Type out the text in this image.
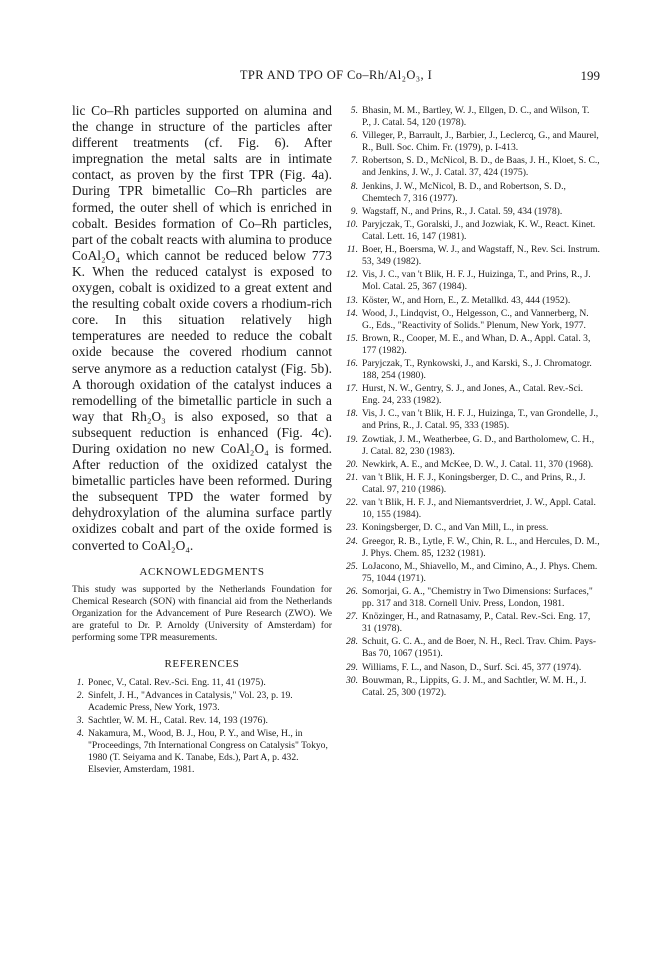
TPR AND TPO OF Co–Rh/Al₂O₃, I	199

lic Co–Rh particles supported on alumina and the change in structure of the particles after different treatments (cf. Fig. 6). After impregnation the metal salts are in intimate contact, as proven by the first TPR (Fig. 4a). During TPR bimetallic Co–Rh particles are formed, the outer shell of which is enriched in cobalt. Besides formation of Co–Rh particles, part of the cobalt reacts with alumina to produce CoAl₂O₄ which cannot be reduced below 773 K. When the reduced catalyst is exposed to oxygen, cobalt is oxidized to a great extent and the resulting cobalt oxide covers a rhodium-rich core. In this situation relatively high temperatures are needed to reduce the cobalt oxide because the covered rhodium cannot serve anymore as a reduction catalyst (Fig. 5b). A thorough oxidation of the catalyst induces a remodelling of the bimetallic particle in such a way that Rh₂O₃ is also exposed, so that a subsequent reduction is enhanced (Fig. 4c). During oxidation no new CoAl₂O₄ is formed. After reduction of the oxidized catalyst the bimetallic particles have been reformed. During the subsequent TPD the water formed by dehydroxylation of the alumina surface partly oxidizes cobalt and part of the oxide formed is converted to CoAl₂O₄.

ACKNOWLEDGMENTS

This study was supported by the Netherlands Foundation for Chemical Research (SON) with financial aid from the Netherlands Organization for the Advancement of Pure Research (ZWO). We are grateful to Dr. P. Arnoldy (University of Amsterdam) for performing some TPR measurements.

REFERENCES
1. Ponec, V., Catal. Rev.-Sci. Eng. 11, 41 (1975).
2. Sinfelt, J. H., "Advances in Catalysis," Vol. 23, p. 19. Academic Press, New York, 1973.
3. Sachtler, W. M. H., Catal. Rev. 14, 193 (1976).
4. Nakamura, M., Wood, B. J., Hou, P. Y., and Wise, H., in "Proceedings, 7th International Congress on Catalysis" Tokyo, 1980 (T. Seiyama and K. Tanabe, Eds.), Part A, p. 432. Elsevier, Amsterdam, 1981.
5. Bhasin, M. M., Bartley, W. J., Ellgen, D. C., and Wilson, T. P., J. Catal. 54, 120 (1978).
6. Villeger, P., Barrault, J., Barbier, J., Leclercq, G., and Maurel, R., Bull. Soc. Chim. Fr. (1979), p. I-413.
7. Robertson, S. D., McNicol, B. D., de Baas, J. H., Kloet, S. C., and Jenkins, J. W., J. Catal. 37, 424 (1975).
8. Jenkins, J. W., McNicol, B. D., and Robertson, S. D., Chemtech 7, 316 (1977).
9. Wagstaff, N., and Prins, R., J. Catal. 59, 434 (1978).
10. Paryjczak, T., Goralski, J., and Jozwiak, K. W., React. Kinet. Catal. Lett. 16, 147 (1981).
11. Boer, H., Boersma, W. J., and Wagstaff, N., Rev. Sci. Instrum. 53, 349 (1982).
12. Vis, J. C., van 't Blik, H. F. J., Huizinga, T., and Prins, R., J. Mol. Catal. 25, 367 (1984).
13. Köster, W., and Horn, E., Z. Metallkd. 43, 444 (1952).
14. Wood, J., Lindqvist, O., Helgesson, C., and Vannerberg, N. G., Eds., "Reactivity of Solids." Plenum, New York, 1977.
15. Brown, R., Cooper, M. E., and Whan, D. A., Appl. Catal. 3, 177 (1982).
16. Paryjczak, T., Rynkowski, J., and Karski, S., J. Chromatogr. 188, 254 (1980).
17. Hurst, N. W., Gentry, S. J., and Jones, A., Catal. Rev.-Sci. Eng. 24, 233 (1982).
18. Vis, J. C., van 't Blik, H. F. J., Huizinga, T., van Grondelle, J., and Prins, R., J. Catal. 95, 333 (1985).
19. Zowtiak, J. M., Weatherbee, G. D., and Bartholomew, C. H., J. Catal. 82, 230 (1983).
20. Newkirk, A. E., and McKee, D. W., J. Catal. 11, 370 (1968).
21. van 't Blik, H. F. J., Koningsberger, D. C., and Prins, R., J. Catal. 97, 210 (1986).
22. van 't Blik, H. F. J., and Niemantsverdriet, J. W., Appl. Catal. 10, 155 (1984).
23. Koningsberger, D. C., and Van Mill, L., in press.
24. Greegor, R. B., Lytle, F. W., Chin, R. L., and Hercules, D. M., J. Phys. Chem. 85, 1232 (1981).
25. LoJacono, M., Shiavello, M., and Cimino, A., J. Phys. Chem. 75, 1044 (1971).
26. Somorjai, G. A., "Chemistry in Two Dimensions: Surfaces," pp. 317 and 318. Cornell Univ. Press, London, 1981.
27. Knözinger, H., and Ratnasamy, P., Catal. Rev.-Sci. Eng. 17, 31 (1978).
28. Schuit, G. C. A., and de Boer, N. H., Recl. Trav. Chim. Pays-Bas 70, 1067 (1951).
29. Williams, F. L., and Nason, D., Surf. Sci. 45, 377 (1974).
30. Bouwman, R., Lippits, G. J. M., and Sachtler, W. M. H., J. Catal. 25, 300 (1972).
